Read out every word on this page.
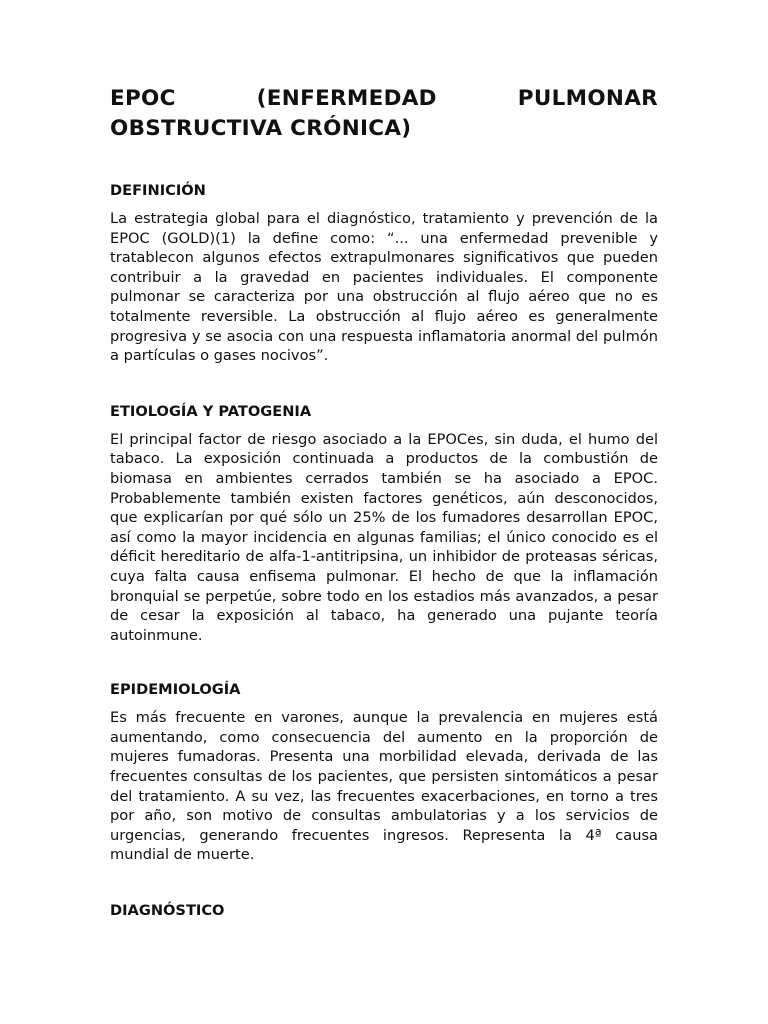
EPOC (ENFERMEDAD PULMONAR
OBSTRUCTIVA CRÓNICA)
DEFINICIÓN

La estrategia global para el diagnóstico, tratamiento y prevención de la EPOC (GOLD)(1) la define como: “... una enfermedad prevenible y tratablecon algunos efectos extrapulmonares significativos que pueden contribuir a la gravedad en pacientes individuales. El componente pulmonar se caracteriza por una obstrucción al flujo aéreo que no es totalmente reversible. La obstrucción al flujo aéreo es generalmente progresiva y se asocia con una respuesta inflamatoria anormal del pulmón a partículas o gases nocivos”.

ETIOLOGÍA Y PATOGENIA

El principal factor de riesgo asociado a la EPOCes, sin duda, el humo del tabaco. La exposición continuada a productos de la combustión de biomasa en ambientes cerrados también se ha asociado a EPOC. Probablemente también existen factores genéticos, aún desconocidos, que explicarían por qué sólo un 25% de los fumadores desarrollan EPOC, así como la mayor incidencia en algunas familias; el único conocido es el déficit hereditario de alfa-1-antitripsina, un inhibidor de proteasas séricas, cuya falta causa enfisema pulmonar. El hecho de que la inflamación bronquial se perpetúe, sobre todo en los estadios más avanzados, a pesar de cesar la exposición al tabaco, ha generado una pujante teoría autoinmune.

EPIDEMIOLOGÍA

Es más frecuente en varones, aunque la prevalencia en mujeres está aumentando, como consecuencia del aumento en la proporción de mujeres fumadoras. Presenta una morbilidad elevada, derivada de las frecuentes consultas de los pacientes, que persisten sintomáticos a pesar del tratamiento. A su vez, las frecuentes exacerbaciones, en torno a tres por año, son motivo de consultas ambulatorias y a los servicios de urgencias, generando frecuentes ingresos. Representa la 4ª causa mundial de muerte.

DIAGNÓSTICO
